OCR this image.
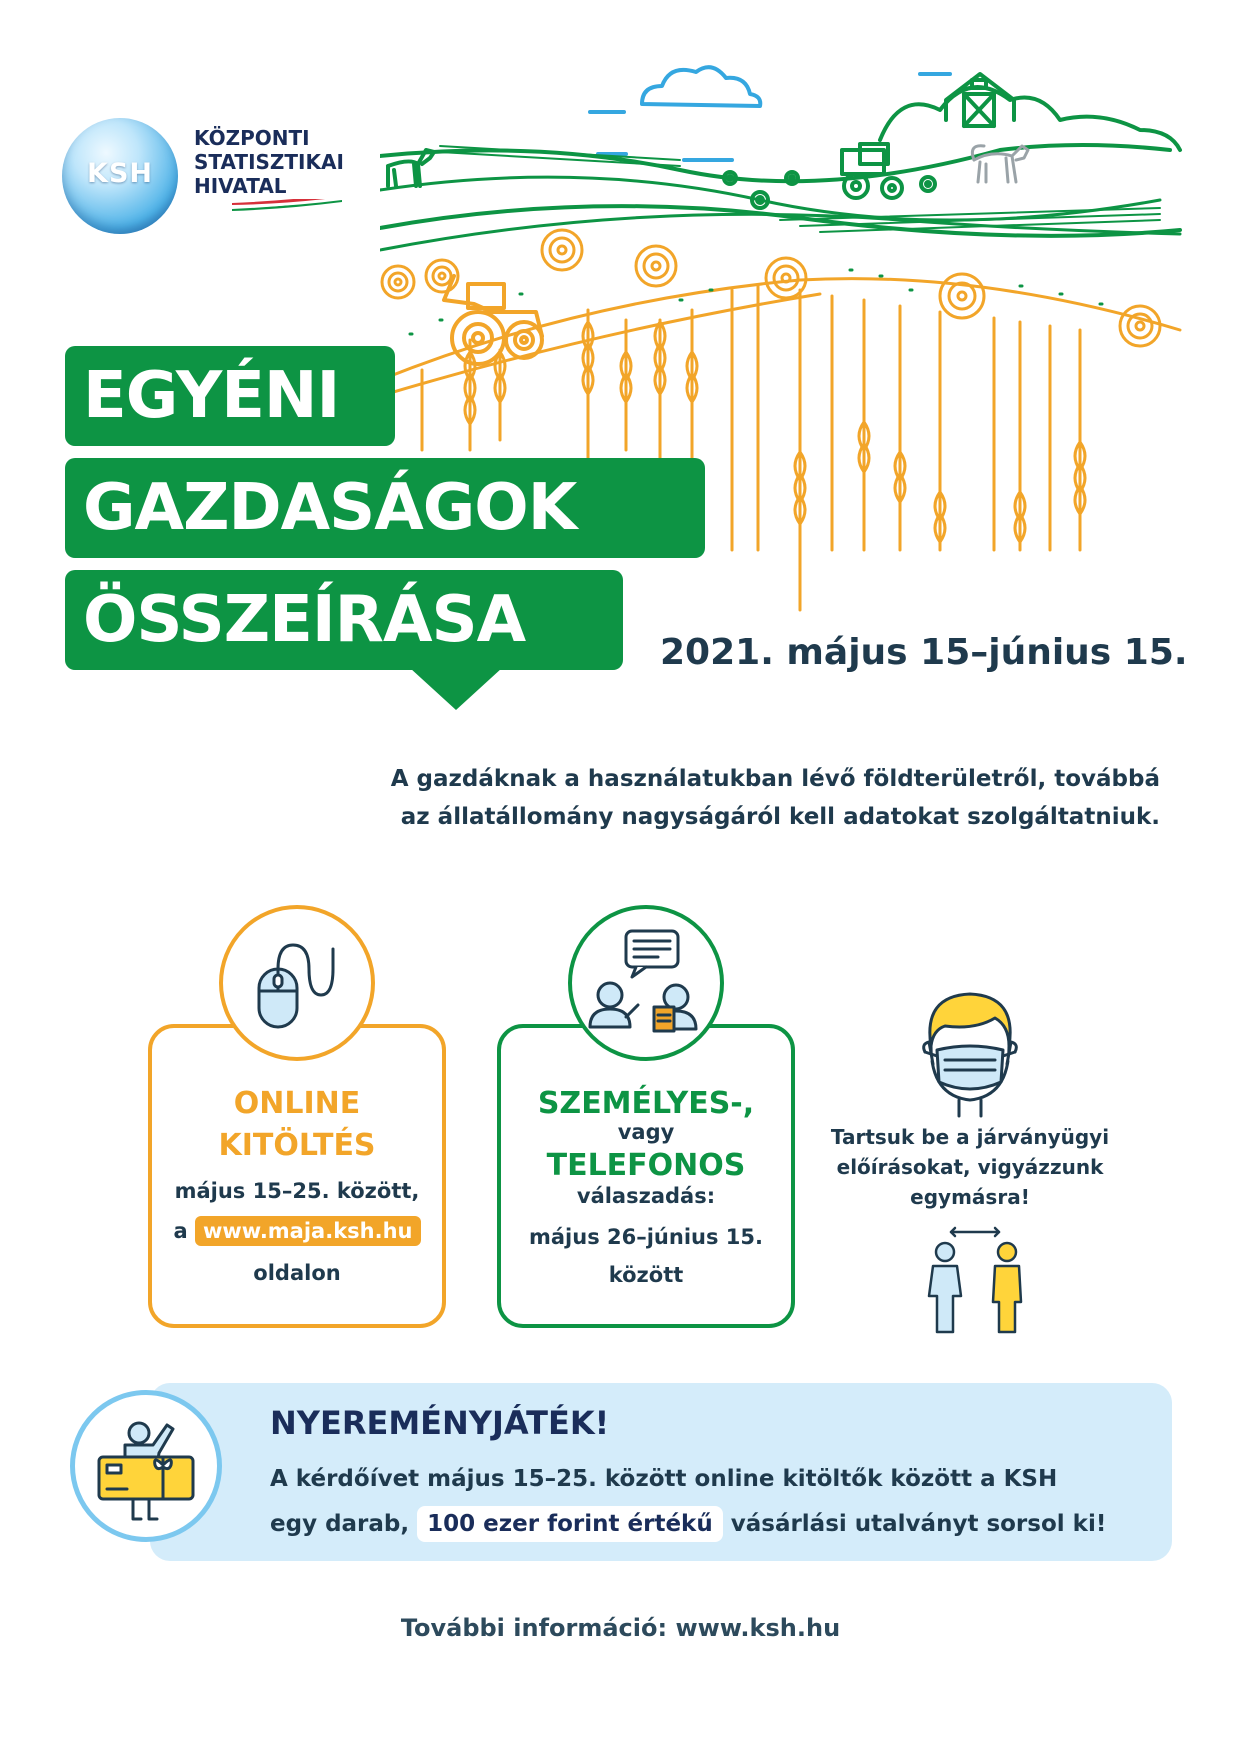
KSH
KÖZPONTI
STATISZTIKAI
HIVATAL
EGYÉNI
GAZDASÁGOK
ÖSSZEÍRÁSA	2021. május 15–június 15.
A gazdáknak a használatukban lévő földterületről, továbbá
az állatállomány nagyságáról kell adatokat szolgáltatniuk.
ONLINE
KITÖLTÉS
május 15–25. között,
a www.maja.ksh.hu
oldalon
SZEMÉLYES-,
vagy
TELEFONOS
válaszadás:
május 26–június 15.
között
Tartsuk be a járványügyi
előírásokat, vigyázzunk
egymásra!
NYEREMÉNYJÁTÉK!
A kérdőívet május 15–25. között online kitöltők között a KSH
egy darab, 100 ezer forint értékű vásárlási utalványt sorsol ki!
További információ: www.ksh.hu
